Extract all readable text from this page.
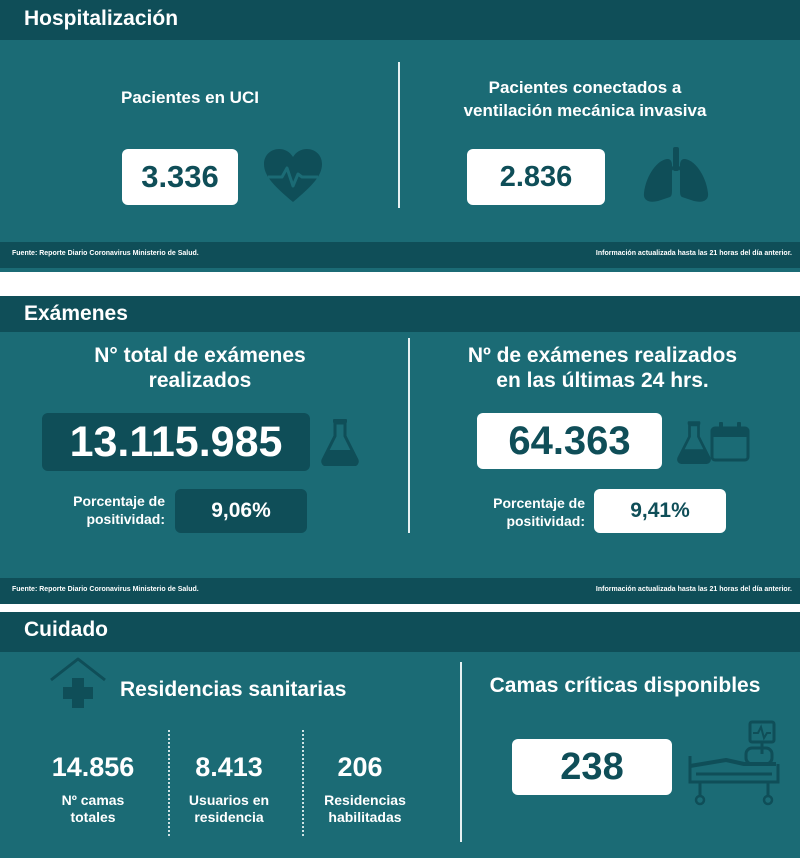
Hospitalización
Pacientes en UCI
3.336
Pacientes conectados a
ventilación mecánica invasiva
2.836
Fuente: Reporte Diario Coronavirus Ministerio de Salud.	Información actualizada hasta las 21 horas del día anterior.
Exámenes
N° total de exámenes
realizados
13.115.985
Porcentaje de
positividad:	9,06%
Nº de exámenes realizados
en las últimas 24 hrs.
64.363
Porcentaje de
positividad:	9,41%
Fuente: Reporte Diario Coronavirus Ministerio de Salud.	Información actualizada hasta las 21 horas del día anterior.
Cuidado
Residencias sanitarias
14.856
Nº camas
totales
8.413
Usuarios en
residencia
206
Residencias
habilitadas
Camas críticas disponibles
238
